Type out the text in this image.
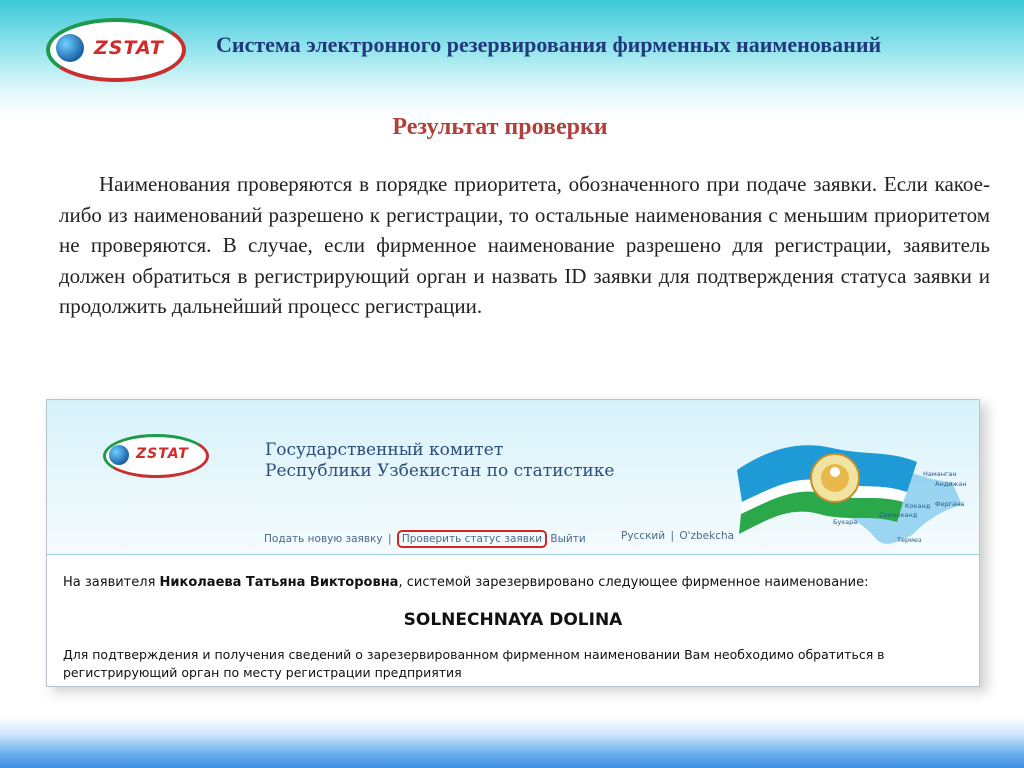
ZSTAT Система электронного резервирования фирменных наименований
Результат проверки

Наименования проверяются в порядке приоритета, обозначенного при подаче заявки. Если какое-либо из наименований разрешено к регистрации, то остальные наименования с меньшим приоритетом не проверяются. В случае, если фирменное наименование разрешено для регистрации, заявитель должен обратиться в регистрирующий орган и назвать ID заявки для подтверждения статуса заявки и продолжить дальнейший процесс регистрации.

ZSTAT	Государственный комитет
Республики Узбекистан по статистике
Подать новую заявку | Проверить статус заявки Выйти	Русский | O'zbekcha
Наманган
Андижан
Коканд Фергана
Самарканд
Бухара
Термез
На заявителя Николаева Татьяна Викторовна, системой зарезервировано следующее фирменное наименование:
SOLNECHNAYA DOLINA
Для подтверждения и получения сведений о зарезервированном фирменном наименовании Вам необходимо обратиться в регистрирующий орган по месту регистрации предприятия
